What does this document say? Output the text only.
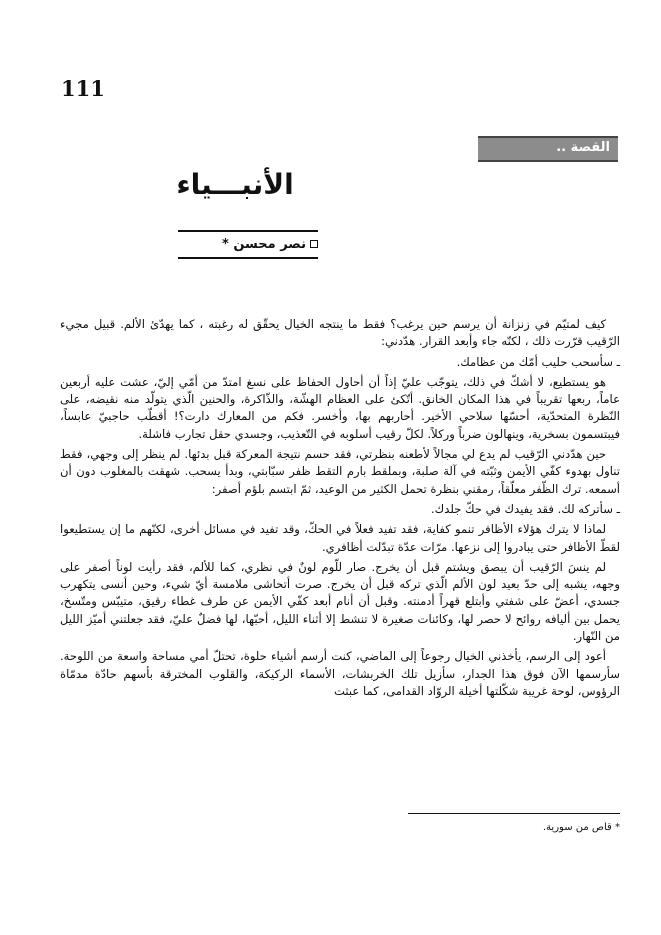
111
القصة ..
الأنبـــياء
نصر محسن *

كيف لمتيّم في زنزانة أن يرسم حين يرغب؟ فقط ما ينتجه الخيال يحقّق له رغبته ، كما يهدّئ الألم. قبيل مجيء الرّقيب قرّرت ذلك ، لكنّه جاء وأبعد القرار. هدّدني:

ـ سأسحب حليب أمّك من عظامك.

هو يستطيع، لا أشكّ في ذلك، يتوجّب عليّ إذاً أن أحاول الحفاظ على نسغ امتدّ من أمّي إليّ، عشت عليه أربعين عاماً، ربعها تقريباً في هذا المكان الخانق. أتّكئ على العظام الهشّة، والذّاكرة، والحنين الّذي يتولّد منه نقيضه، على النّظرة المتحدّية، أحسّها سلاحي الأخير. أحاربهم بها، وأخسر. فكم من المعارك دارت؟! أقطّب حاجبيّ عابساً، فيبتسمون بسخرية، وينهالون ضرباً وركلاً. لكلّ رقيب أسلوبه في التّعذيب، وجسدي حقل تجارب فاشلة.

حين هدّدني الرّقيب لم يدع لي مجالاً لأطعنه بنظرتي، فقد حسم نتيجة المعركة قبل بدئها. لم ينظر إلى وجهي، فقط تناول بهدوء كفّي الأيمن وثبّته في آلة صلبة، وبملقط بارم التقط ظفر سبّابتي، وبدأ يسحب. شهقت بالمغلوب دون أن أسمعه. ترك الظّفر معلّقاً، رمقني بنظرة تحمل الكثير من الوعيد، ثمّ ابتسم بلؤم أصفر:

ـ سأتركه لك. فقد يفيدك في حكّ جلدك.

لماذا لا يترك هؤلاء الأظافر تنمو كفاية، فقد تفيد فعلاً في الحكّ، وقد تفيد في مسائل أخرى، لكنّهم ما إن يستطيعوا لقطّ الأظافر حتى يبادروا إلى نزعها. مرّات عدّة تبدّلت أظافري.

لم ينسَ الرّقيب أن يبصق ويشتم قبل أن يخرج. صار للّوم لونٌ في نظري، كما للألم، فقد رأيت لوناً أصفر على وجهه، يشبه إلى حدّ بعيد لون الألم الّذي تركه قبل أن يخرج. صرت أتحاشى ملامسة أيّ شيء، وحين أنسى يتكهرب جسدي، أعضّ على شفتي وأبتلع قهراً أدمنته. وقبل أن أنام أبعد كفّي الأيمن عن طرف غطاء رقيق، متيبّس ومتّسخ، يحمل بين أليافه روائح لا حصر لها، وكائنات صغيرة لا تنشط إلا أثناء الليل، أحبّها، لها فضلٌ عليّ، فقد جعلتني أميّز الليل من النّهار.

أعود إلى الرسم، يأخذني الخيال رجوعاً إلى الماضي، كنت أرسم أشياء حلوة، تحتلّ أمي مساحة واسعة من اللوحة. سأرسمها الآن فوق هذا الجدار، سأزيل تلك الخربشات، الأسماء الركيكة، والقلوب المخترقة بأسهم حادّة مدمّاة الرؤوس، لوحة غريبة شكّلتها أخيلة الروّاد القدامى، كما عبثت

* قاص من سورية.
